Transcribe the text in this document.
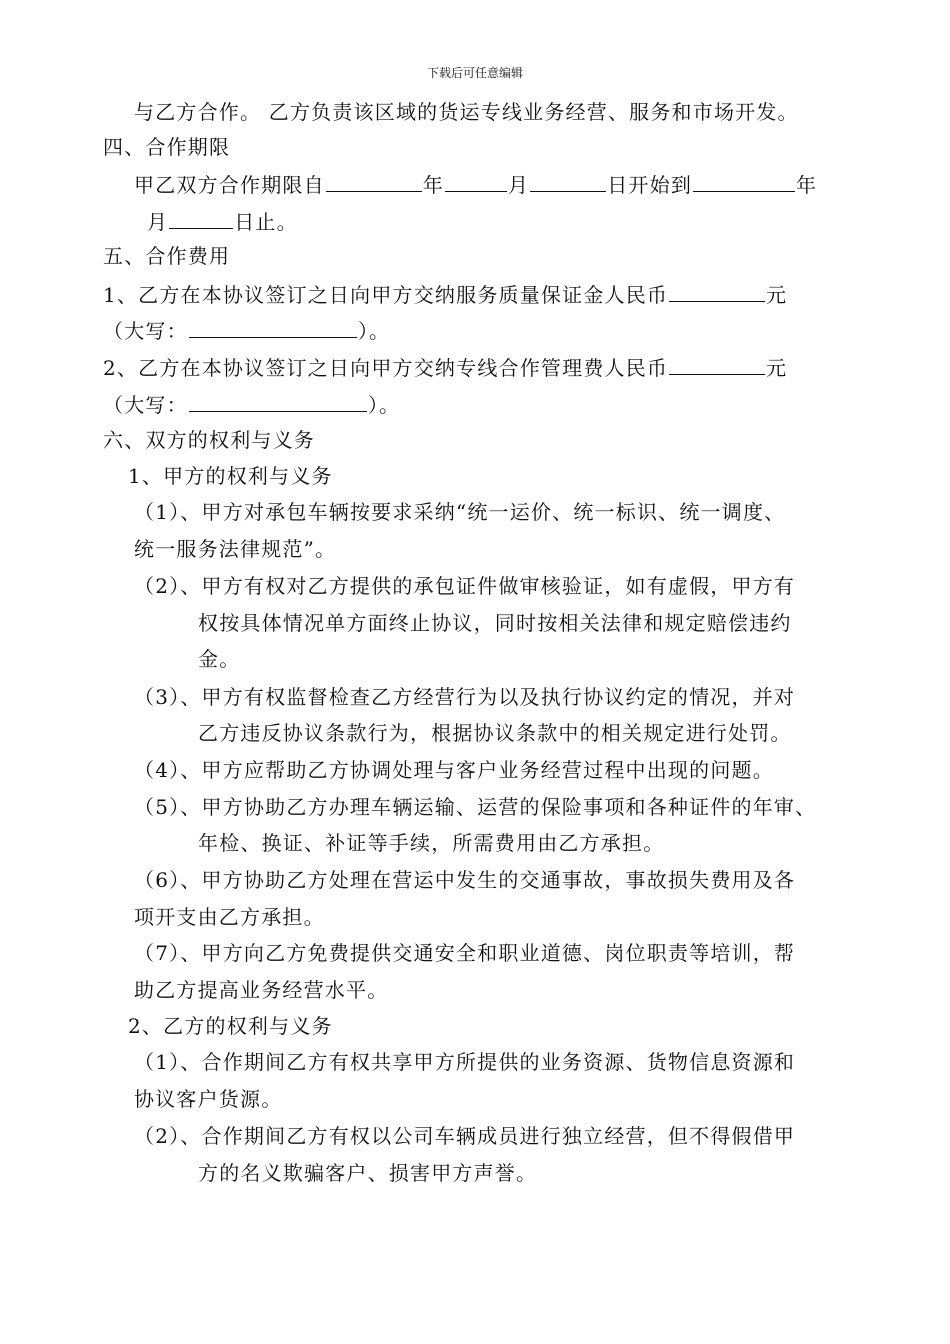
下载后可任意编辑
与乙方合作。 乙方负责该区域的货运专线业务经营、服务和市场开发。
四、合作期限
甲乙双方合作期限自	年	月	日开始到	年
月	日止。
五、合作费用
1、乙方在本协议签订之日向甲方交纳服务质量保证金人民币	元
（大写：	）。
2、乙方在本协议签订之日向甲方交纳专线合作管理费人民币	元
（大写：	）。
六、双方的权利与义务
1、甲方的权利与义务
（1）、甲方对承包车辆按要求采纳“统一运价、统一标识、统一调度、
统一服务法律规范”。
（2）、甲方有权对乙方提供的承包证件做审核验证，如有虚假，甲方有
权按具体情况单方面终止协议，同时按相关法律和规定赔偿违约
金。
（3）、甲方有权监督检查乙方经营行为以及执行协议约定的情况，并对
乙方违反协议条款行为，根据协议条款中的相关规定进行处罚。
（4）、甲方应帮助乙方协调处理与客户业务经营过程中出现的问题。
（5）、甲方协助乙方办理车辆运输、运营的保险事项和各种证件的年审、
年检、换证、补证等手续，所需费用由乙方承担。
（6）、甲方协助乙方处理在营运中发生的交通事故，事故损失费用及各
项开支由乙方承担。
（7）、甲方向乙方免费提供交通安全和职业道德、岗位职责等培训，帮
助乙方提高业务经营水平。
2、乙方的权利与义务
（1）、合作期间乙方有权共享甲方所提供的业务资源、货物信息资源和
协议客户货源。
（2）、合作期间乙方有权以公司车辆成员进行独立经营，但不得假借甲
方的名义欺骗客户、损害甲方声誉。
